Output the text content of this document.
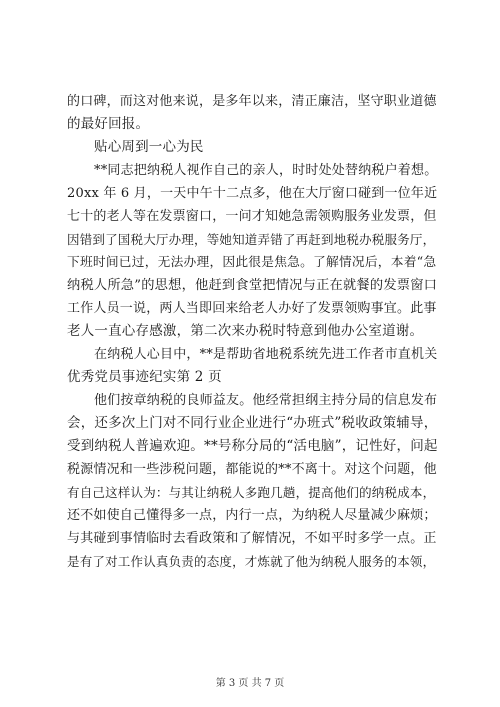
的口碑，而这对他来说，是多年以来，清正廉洁，坚守职业道德
的最好回报。
贴心周到一心为民
**同志把纳税人视作自己的亲人，时时处处替纳税户着想。
20xx 年 6 月，一天中午十二点多，他在大厅窗口碰到一位年近
七十的老人等在发票窗口，一问才知她急需领购服务业发票，但
因错到了国税大厅办理，等她知道弄错了再赶到地税办税服务厅，
下班时间已过，无法办理，因此很是焦急。了解情况后，本着“急
纳税人所急”的思想，他赶到食堂把情况与正在就餐的发票窗口
工作人员一说，两人当即回来给老人办好了发票领购事宜。此事
老人一直心存感激，第二次来办税时特意到他办公室道谢。
在纳税人心目中，**是帮助省地税系统先进工作者市直机关
优秀党员事迹纪实第 2 页
他们按章纳税的良师益友。他经常担纲主持分局的信息发布
会，还多次上门对不同行业企业进行“办班式”税收政策辅导，
受到纳税人普遍欢迎。**号称分局的“活电脑”，记性好，问起
税源情况和一些涉税问题，都能说的**不离十。对这个问题，他
有自己这样认为：与其让纳税人多跑几趟，提高他们的纳税成本，
还不如使自己懂得多一点，内行一点，为纳税人尽量减少麻烦；
与其碰到事情临时去看政策和了解情况，不如平时多学一点。正
是有了对工作认真负责的态度，才炼就了他为纳税人服务的本领，
第 3 页 共 7 页
